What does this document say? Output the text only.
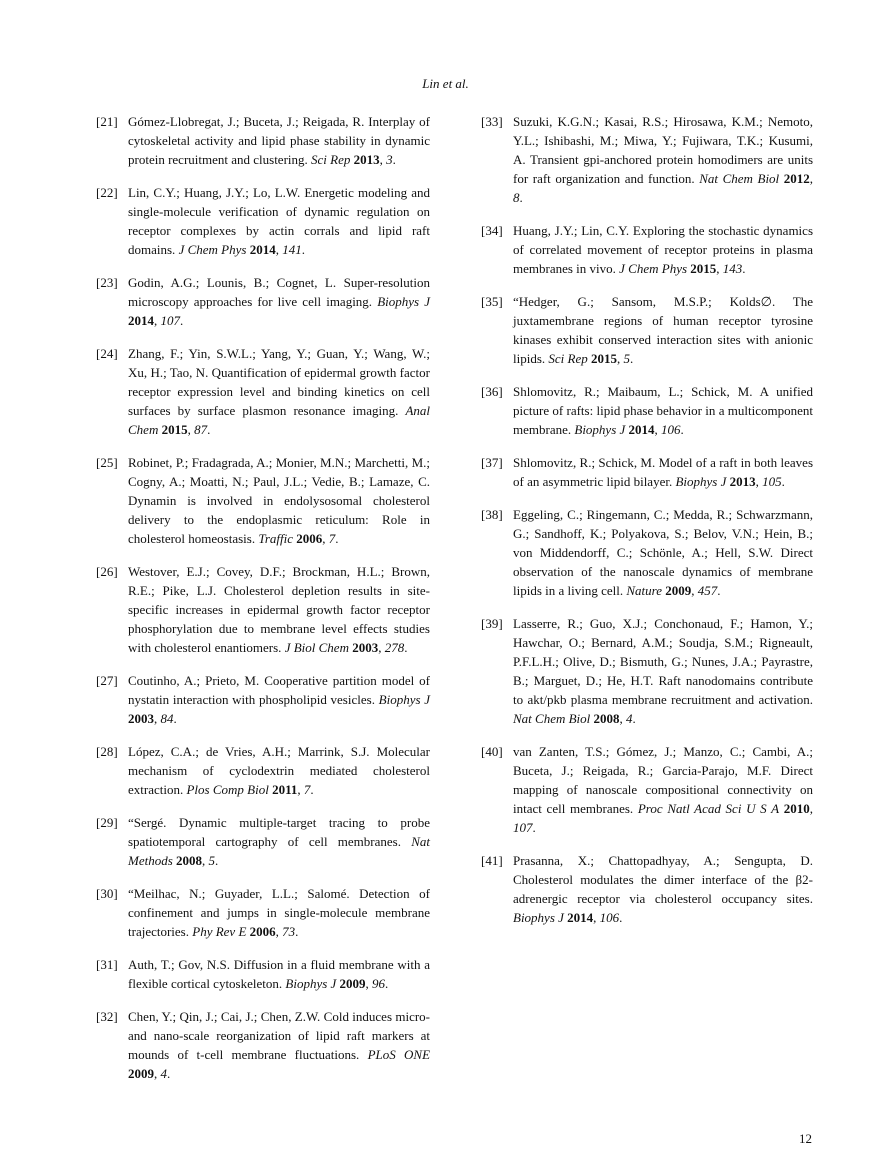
Lin et al.
[21] Gómez-Llobregat, J.; Buceta, J.; Reigada, R. Interplay of cytoskeletal activity and lipid phase stability in dynamic protein recruitment and clustering. Sci Rep 2013, 3.
[22] Lin, C.Y.; Huang, J.Y.; Lo, L.W. Energetic modeling and single-molecule verification of dynamic regulation on receptor complexes by actin corrals and lipid raft domains. J Chem Phys 2014, 141.
[23] Godin, A.G.; Lounis, B.; Cognet, L. Super-resolution microscopy approaches for live cell imaging. Biophys J 2014, 107.
[24] Zhang, F.; Yin, S.W.L.; Yang, Y.; Guan, Y.; Wang, W.; Xu, H.; Tao, N. Quantification of epidermal growth factor receptor expression level and binding kinetics on cell surfaces by surface plasmon resonance imaging. Anal Chem 2015, 87.
[25] Robinet, P.; Fradagrada, A.; Monier, M.N.; Marchetti, M.; Cogny, A.; Moatti, N.; Paul, J.L.; Vedie, B.; Lamaze, C. Dynamin is involved in endolysosomal cholesterol delivery to the endoplasmic reticulum: Role in cholesterol homeostasis. Traffic 2006, 7.
[26] Westover, E.J.; Covey, D.F.; Brockman, H.L.; Brown, R.E.; Pike, L.J. Cholesterol depletion results in site-specific increases in epidermal growth factor receptor phosphorylation due to membrane level effects studies with cholesterol enantiomers. J Biol Chem 2003, 278.
[27] Coutinho, A.; Prieto, M. Cooperative partition model of nystatin interaction with phospholipid vesicles. Biophys J 2003, 84.
[28] López, C.A.; de Vries, A.H.; Marrink, S.J. Molecular mechanism of cyclodextrin mediated cholesterol extraction. Plos Comp Biol 2011, 7.
[29] “Sergé. Dynamic multiple-target tracing to probe spatiotemporal cartography of cell membranes. Nat Methods 2008, 5.
[30] “Meilhac, N.; Guyader, L.L.; Salomé. Detection of confinement and jumps in single-molecule membrane trajectories. Phy Rev E 2006, 73.
[31] Auth, T.; Gov, N.S. Diffusion in a fluid membrane with a flexible cortical cytoskeleton. Biophys J 2009, 96.
[32] Chen, Y.; Qin, J.; Cai, J.; Chen, Z.W. Cold induces micro- and nano-scale reorganization of lipid raft markers at mounds of t-cell membrane fluctuations. PLoS ONE 2009, 4.
[33] Suzuki, K.G.N.; Kasai, R.S.; Hirosawa, K.M.; Nemoto, Y.L.; Ishibashi, M.; Miwa, Y.; Fujiwara, T.K.; Kusumi, A. Transient gpi-anchored protein homodimers are units for raft organization and function. Nat Chem Biol 2012, 8.
[34] Huang, J.Y.; Lin, C.Y. Exploring the stochastic dynamics of correlated movement of receptor proteins in plasma membranes in vivo. J Chem Phys 2015, 143.
[35] “Hedger, G.; Sansom, M.S.P.; Kolds∅. The juxtamembrane regions of human receptor tyrosine kinases exhibit conserved interaction sites with anionic lipids. Sci Rep 2015, 5.
[36] Shlomovitz, R.; Maibaum, L.; Schick, M. A unified picture of rafts: lipid phase behavior in a multicomponent membrane. Biophys J 2014, 106.
[37] Shlomovitz, R.; Schick, M. Model of a raft in both leaves of an asymmetric lipid bilayer. Biophys J 2013, 105.
[38] Eggeling, C.; Ringemann, C.; Medda, R.; Schwarzmann, G.; Sandhoff, K.; Polyakova, S.; Belov, V.N.; Hein, B.; von Middendorff, C.; Schönle, A.; Hell, S.W. Direct observation of the nanoscale dynamics of membrane lipids in a living cell. Nature 2009, 457.
[39] Lasserre, R.; Guo, X.J.; Conchonaud, F.; Hamon, Y.; Hawchar, O.; Bernard, A.M.; Soudja, S.M.; Rigneault, P.F.L.H.; Olive, D.; Bismuth, G.; Nunes, J.A.; Payrastre, B.; Marguet, D.; He, H.T. Raft nanodomains contribute to akt/pkb plasma membrane recruitment and activation. Nat Chem Biol 2008, 4.
[40] van Zanten, T.S.; Gómez, J.; Manzo, C.; Cambi, A.; Buceta, J.; Reigada, R.; Garcia-Parajo, M.F. Direct mapping of nanoscale compositional connectivity on intact cell membranes. Proc Natl Acad Sci U S A 2010, 107.
[41] Prasanna, X.; Chattopadhyay, A.; Sengupta, D. Cholesterol modulates the dimer interface of the β2-adrenergic receptor via cholesterol occupancy sites. Biophys J 2014, 106.
12
